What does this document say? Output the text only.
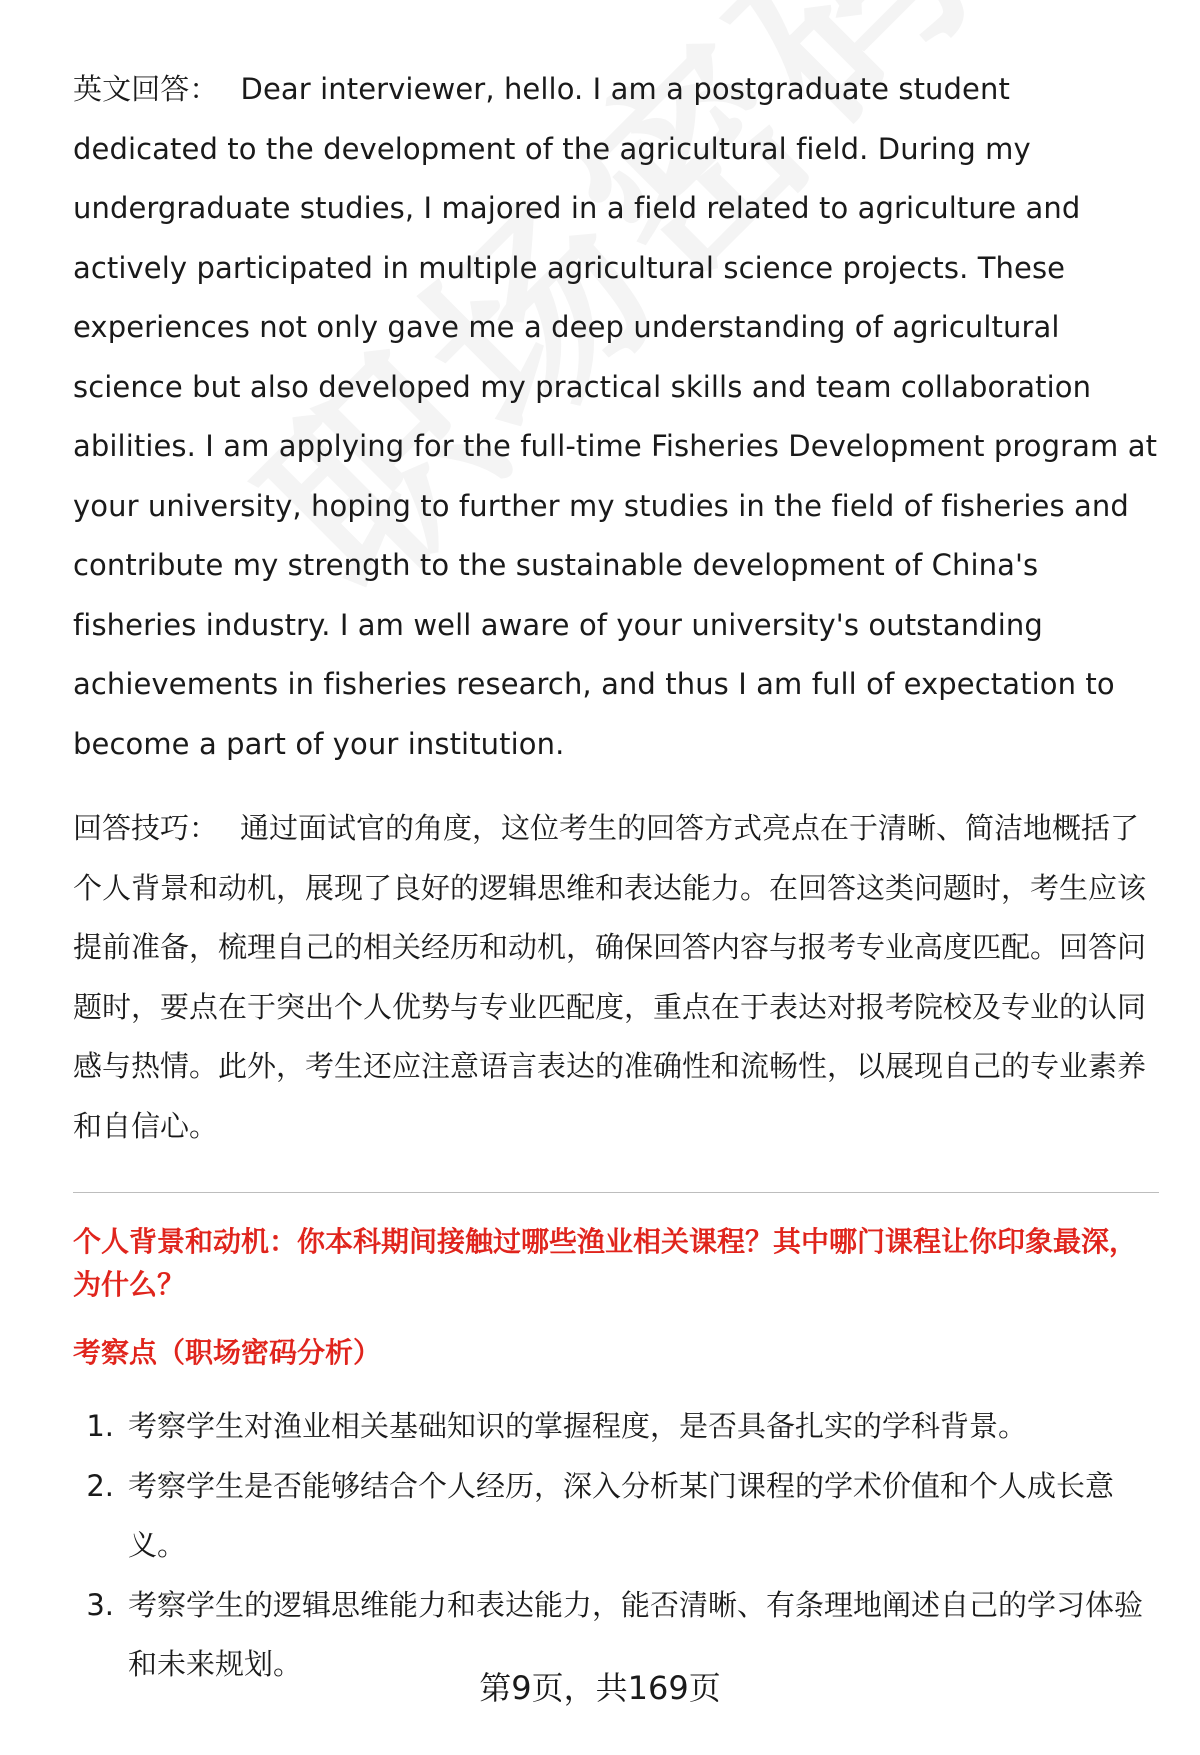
英文回答： Dear interviewer, hello. I am a postgraduate student dedicated to the development of the agricultural field. During my undergraduate studies, I majored in a field related to agriculture and actively participated in multiple agricultural science projects. These experiences not only gave me a deep understanding of agricultural science but also developed my practical skills and team collaboration abilities. I am applying for the full-time Fisheries Development program at your university, hoping to further my studies in the field of fisheries and contribute my strength to the sustainable development of China's fisheries industry. I am well aware of your university's outstanding achievements in fisheries research, and thus I am full of expectation to become a part of your institution.

回答技巧： 通过面试官的角度，这位考生的回答方式亮点在于清晰、简洁地概括了个人背景和动机，展现了良好的逻辑思维和表达能力。在回答这类问题时，考生应该提前准备，梳理自己的相关经历和动机，确保回答内容与报考专业高度匹配。回答问题时，要点在于突出个人优势与专业匹配度，重点在于表达对报考院校及专业的认同感与热情。此外，考生还应注意语言表达的准确性和流畅性，以展现自己的专业素养和自信心。

个人背景和动机：你本科期间接触过哪些渔业相关课程？其中哪门课程让你印象最深，为什么？
考察点（职场密码分析）
1. 考察学生对渔业相关基础知识的掌握程度，是否具备扎实的学科背景。
2. 考察学生是否能够结合个人经历，深入分析某门课程的学术价值和个人成长意义。
3. 考察学生的逻辑思维能力和表达能力，能否清晰、有条理地阐述自己的学习体验和未来规划。
第9页，共169页
